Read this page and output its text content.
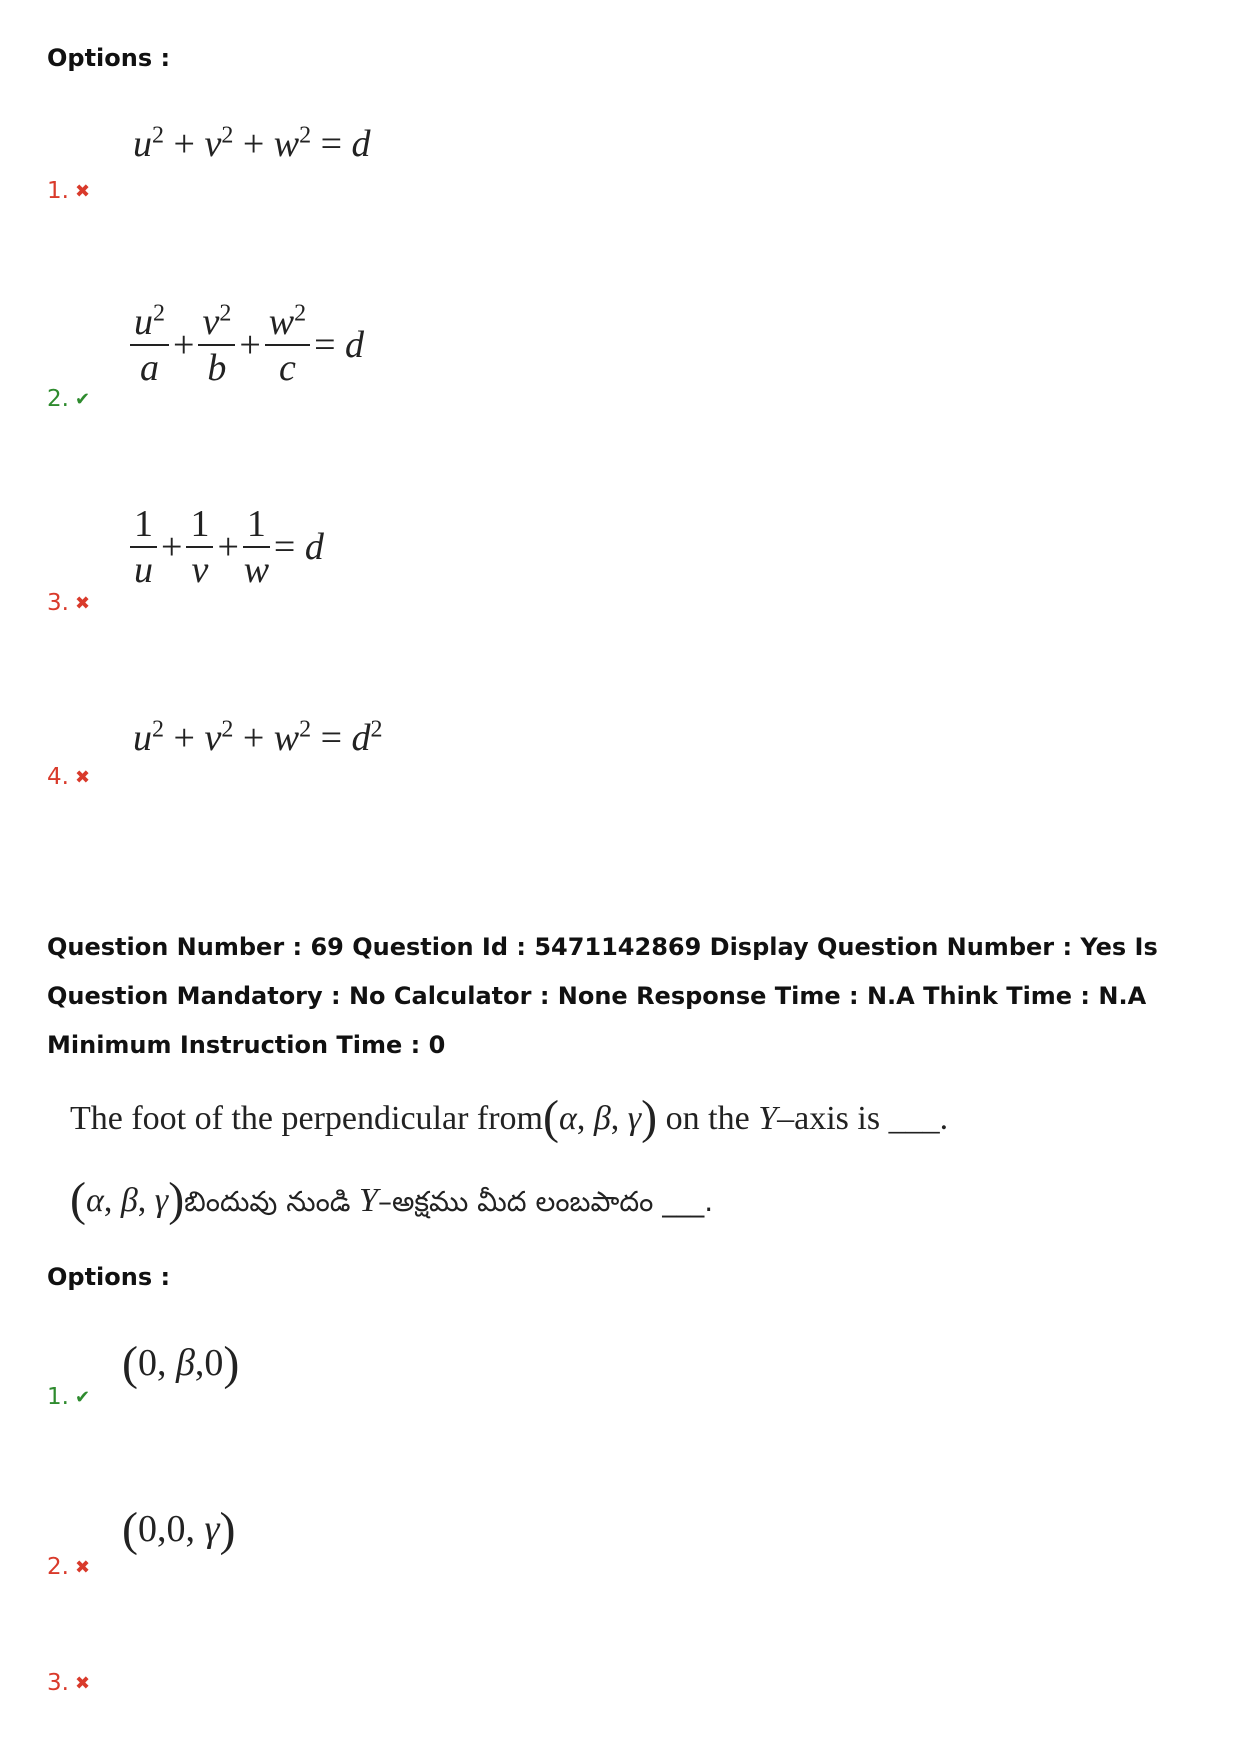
Options :
1. ✖
$u^2 + v^2 + w^2 = d$
2. ✔
$\frac{u^2}{a} + \frac{v^2}{b} + \frac{w^2}{c} = d$
3. ✖
$\frac{1}{u} + \frac{1}{v} + \frac{1}{w} = d$
4. ✖
$u^2 + v^2 + w^2 = d^2$
Question Number : 69 Question Id : 5471142869 Display Question Number : Yes Is Question Mandatory : No Calculator : None Response Time : N.A Think Time : N.A Minimum Instruction Time : 0
The foot of the perpendicular from(α, β, γ) on the Y–axis is ___.
(α, β, γ)బిందువు నుండి Y–అక్షము మీద లంబపాదం ___.
Options :
1. ✔
(0, β,0)
2. ✖
(0,0, γ)
3. ✖
